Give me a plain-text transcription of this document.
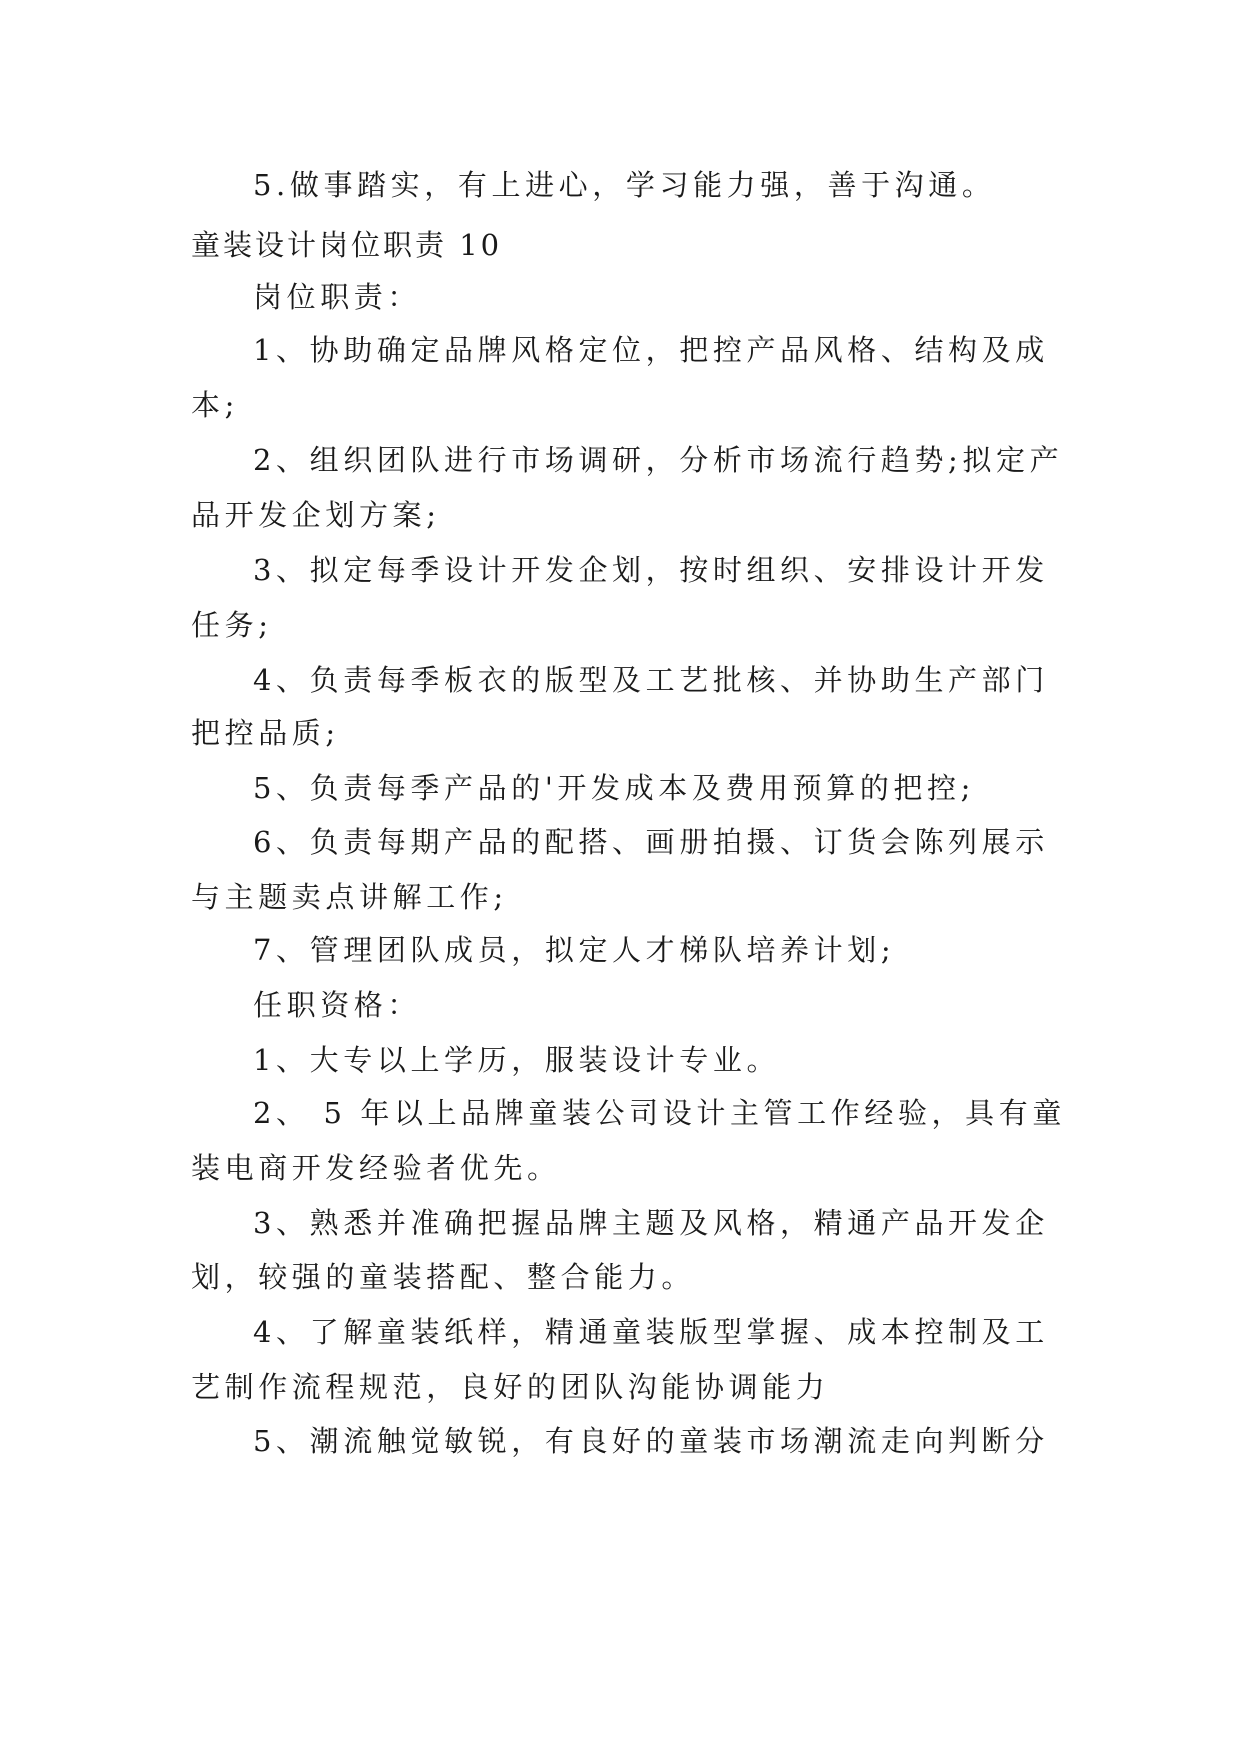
5.做事踏实，有上进心，学习能力强，善于沟通。
童装设计岗位职责 10
岗位职责：
1、协助确定品牌风格定位，把控产品风格、结构及成
本;
2、组织团队进行市场调研，分析市场流行趋势;拟定产
品开发企划方案;
3、拟定每季设计开发企划，按时组织、安排设计开发
任务;
4、负责每季板衣的版型及工艺批核、并协助生产部门
把控品质;
5、负责每季产品的'开发成本及费用预算的把控;
6、负责每期产品的配搭、画册拍摄、订货会陈列展示
与主题卖点讲解工作;
7、管理团队成员，拟定人才梯队培养计划;
任职资格：
1、大专以上学历，服装设计专业。
2、 5 年以上品牌童装公司设计主管工作经验，具有童
装电商开发经验者优先。
3、熟悉并准确把握品牌主题及风格，精通产品开发企
划，较强的童装搭配、整合能力。
4、了解童装纸样，精通童装版型掌握、成本控制及工
艺制作流程规范，良好的团队沟能协调能力
5、潮流触觉敏锐，有良好的童装市场潮流走向判断分
